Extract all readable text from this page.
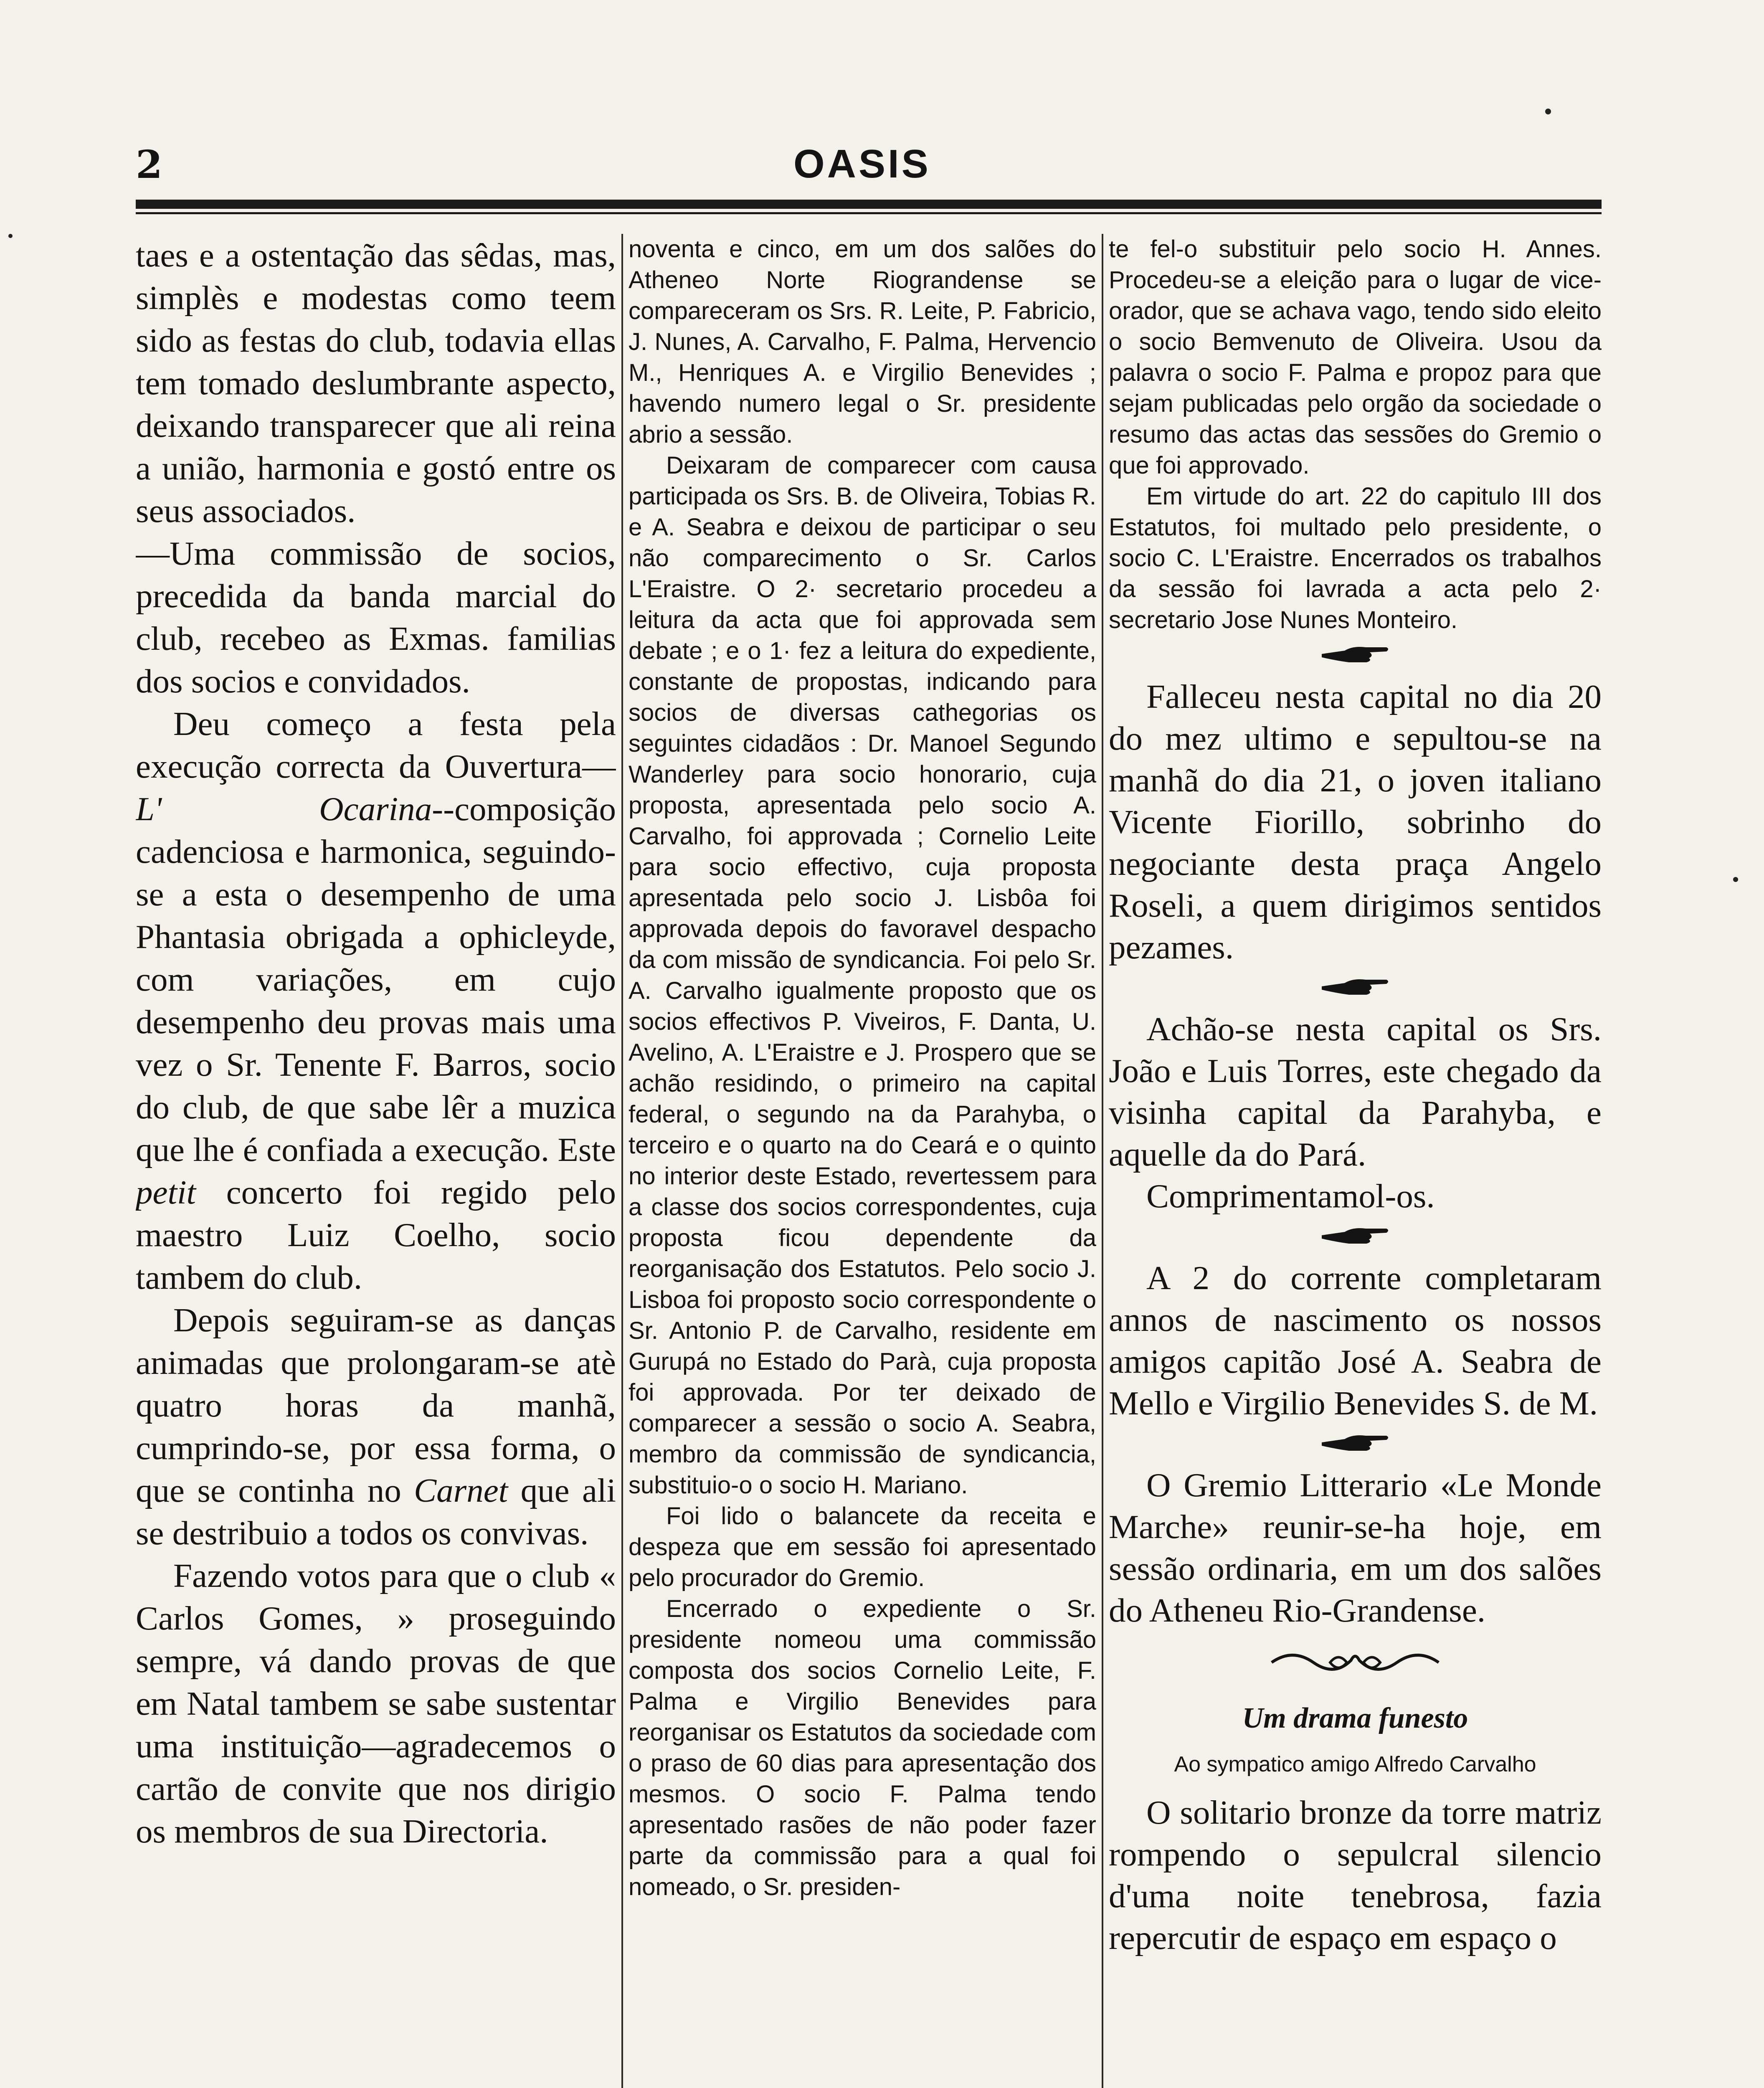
2	OASIS

taes e a ostentação das sêdas, mas, simplès e modestas como teem sido as festas do club, todavia ellas tem tomado deslumbrante aspecto, deixando transparecer que ali reina a união, harmonia e gostó entre os seus associados.

—Uma commissão de socios, precedida da banda marcial do club, recebeo as Exmas. familias dos socios e convidados.

Deu começo a festa pela execução correcta da Ouvertura—L' Ocarina--composição cadenciosa e harmonica, seguindo-se a esta o desempenho de uma Phantasia obrigada a ophicleyde, com variações, em cujo desempenho deu provas mais uma vez o Sr. Tenente F. Barros, socio do club, de que sabe lêr a muzica que lhe é confiada a execução. Este petit concerto foi regido pelo maestro Luiz Coelho, socio tambem do club.

Depois seguiram-se as danças animadas que prolongaram-se atè quatro horas da manhã, cumprindo-se, por essa forma, o que se continha no Carnet que ali se destribuio a todos os convivas.

Fazendo votos para que o club « Carlos Gomes, » proseguindo sempre, vá dando provas de que em Natal tambem se sabe sustentar uma instituição—agradecemos o cartão de convite que nos dirigio os membros de sua Directoria.

noventa e cinco, em um dos salões do Atheneo Norte Riograndense se compareceram os Srs. R. Leite, P. Fabricio, J. Nunes, A. Carvalho, F. Palma, Hervencio M., Henriques A. e Virgilio Benevides ; havendo numero legal o Sr. presidente abrio a sessão.

Deixaram de comparecer com causa participada os Srs. B. de Oliveira, Tobias R. e A. Seabra e deixou de participar o seu não comparecimento o Sr. Carlos L'Eraistre. O 2· secretario procedeu a leitura da acta que foi approvada sem debate ; e o 1· fez a leitura do expediente, constante de propostas, indicando para socios de diversas cathegorias os seguintes cidadãos : Dr. Manoel Segundo Wanderley para socio honorario, cuja proposta, apresentada pelo socio A. Carvalho, foi approvada ; Cornelio Leite para socio effectivo, cuja proposta apresentada pelo socio J. Lisbôa foi approvada depois do favoravel despacho da com missão de syndicancia. Foi pelo Sr. A. Carvalho igualmente proposto que os socios effectivos P. Viveiros, F. Danta, U. Avelino, A. L'Eraistre e J. Prospero que se achão residindo, o primeiro na capital federal, o segundo na da Parahyba, o terceiro e o quarto na do Ceará e o quinto no interior deste Estado, revertessem para a classe dos socios correspondentes, cuja proposta ficou dependente da reorganisação dos Estatutos. Pelo socio J. Lisboa foi proposto socio correspondente o Sr. Antonio P. de Carvalho, residente em Gurupá no Estado do Parà, cuja proposta foi approvada. Por ter deixado de comparecer a sessão o socio A. Seabra, membro da commissão de syndicancia, substituio-o o socio H. Mariano.

Foi lido o balancete da receita e despeza que em sessão foi apresentado pelo procurador do Gremio.

Encerrado o expediente o Sr. presidente nomeou uma commissão composta dos socios Cornelio Leite, F. Palma e Virgilio Benevides para reorganisar os Estatutos da sociedade com o praso de 60 dias para apresentação dos mesmos. O socio F. Palma tendo apresentado rasões de não poder fazer parte da commissão para a qual foi nomeado, o Sr. presiden-

te fel-o substituir pelo socio H. Annes. Procedeu-se a eleição para o lugar de vice-orador, que se achava vago, tendo sido eleito o socio Bemvenuto de Oliveira. Usou da palavra o socio F. Palma e propoz para que sejam publicadas pelo orgão da sociedade o resumo das actas das sessões do Gremio o que foi approvado.

Em virtude do art. 22 do capitulo III dos Estatutos, foi multado pelo presidente, o socio C. L'Eraistre. Encerrados os trabalhos da sessão foi lavrada a acta pelo 2· secretario Jose Nunes Monteiro.

Falleceu nesta capital no dia 20 do mez ultimo e sepultou-se na manhã do dia 21, o joven italiano Vicente Fiorillo, sobrinho do negociante desta praça Angelo Roseli, a quem dirigimos sentidos pezames.

Achão-se nesta capital os Srs. João e Luis Torres, este chegado da visinha capital da Parahyba, e aquelle da do Pará.

Comprimentamol-os.

A 2 do corrente completaram annos de nascimento os nossos amigos capitão José A. Seabra de Mello e Virgilio Benevides S. de M.

O Gremio Litterario «Le Monde Marche» reunir-se-ha hoje, em sessão ordinaria, em um dos salões do Atheneu Rio-Grandense.

Um drama funesto
Ao sympatico amigo Alfredo Carvalho

O solitario bronze da torre matriz rompendo o sepulcral silencio d'uma noite tenebrosa, fazia repercutir de espaço em espaço o
